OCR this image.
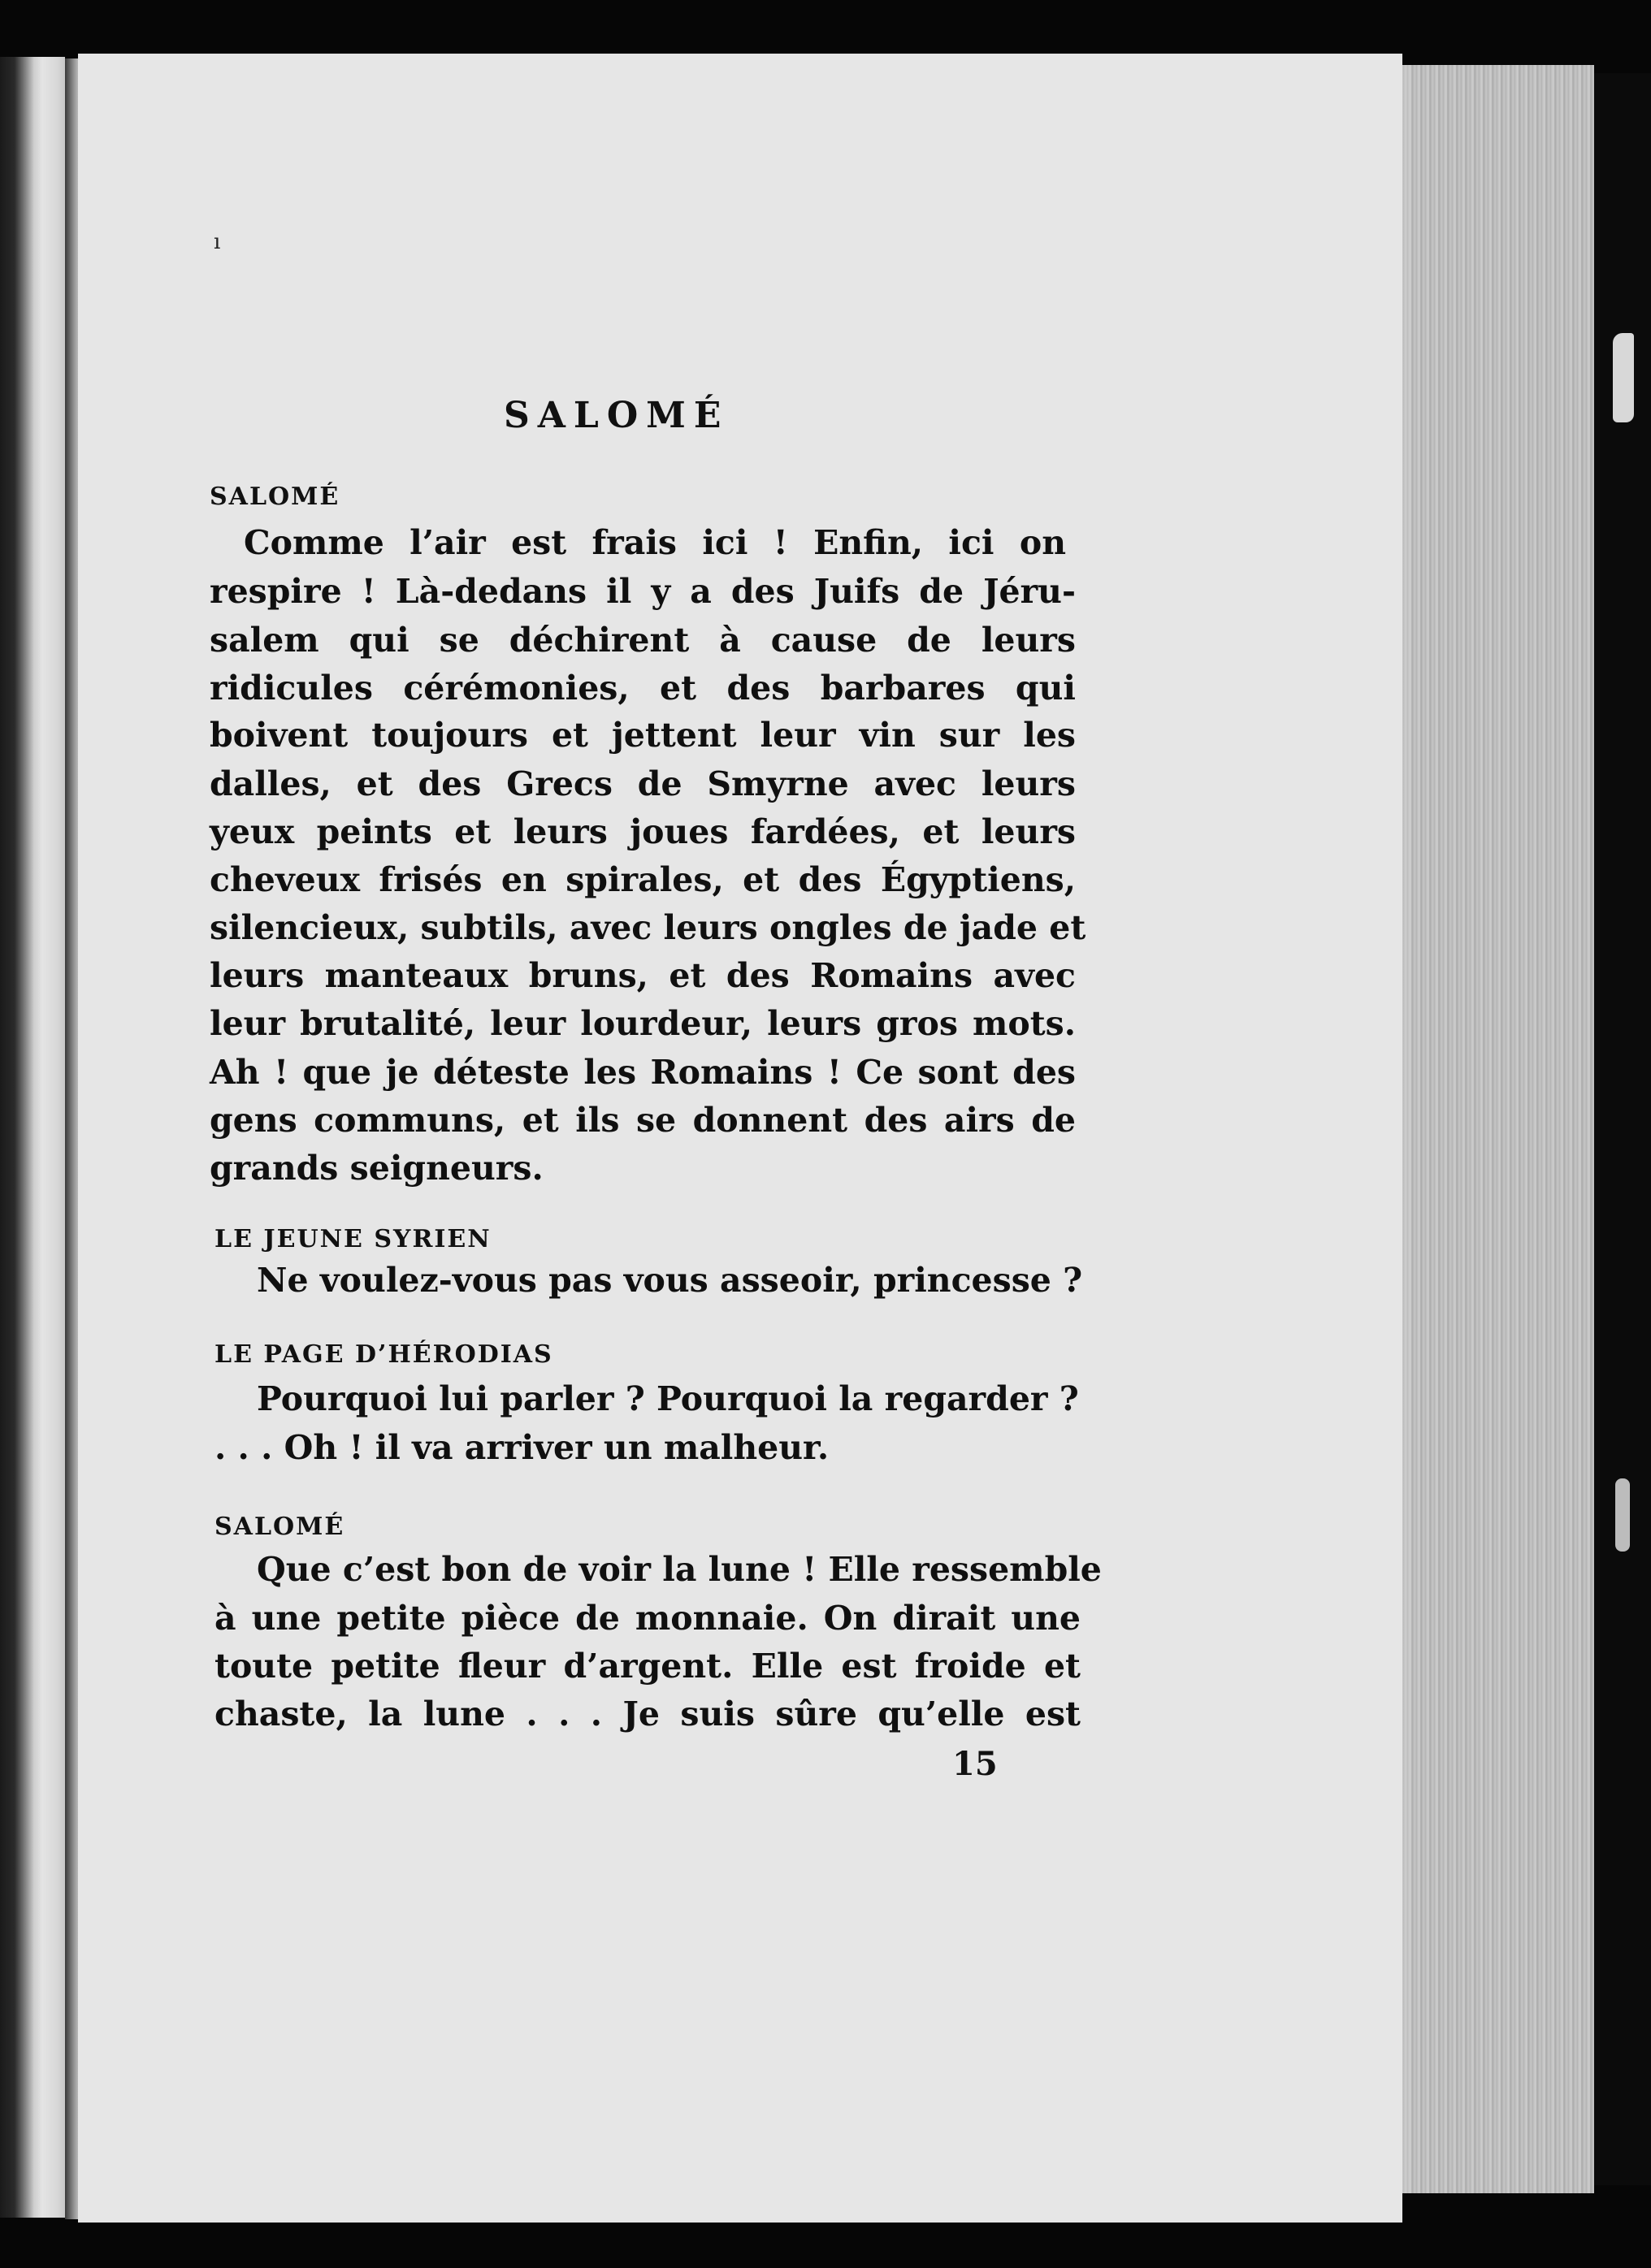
ı
SALOMÉ
SALOMÉ
Comme l’air est frais ici ! Enfin, ici on
respire ! Là-dedans il y a des Juifs de Jéru-
salem qui se déchirent à cause de leurs
ridicules cérémonies, et des barbares qui
boivent toujours et jettent leur vin sur les
dalles, et des Grecs de Smyrne avec leurs
yeux peints et leurs joues fardées, et leurs
cheveux frisés en spirales, et des Égyptiens,
silencieux, subtils, avec leurs ongles de jade et
leurs manteaux bruns, et des Romains avec
leur brutalité, leur lourdeur, leurs gros mots.
Ah ! que je déteste les Romains ! Ce sont des
gens communs, et ils se donnent des airs de
grands seigneurs.
LE JEUNE SYRIEN
Ne voulez-vous pas vous asseoir, princesse ?
LE PAGE D’HÉRODIAS
Pourquoi lui parler ? Pourquoi la regarder ?
. . . Oh ! il va arriver un malheur.
SALOMÉ
Que c’est bon de voir la lune ! Elle ressemble
à une petite pièce de monnaie. On dirait une
toute petite fleur d’argent. Elle est froide et
chaste, la lune . . . Je suis sûre qu’elle est
15
